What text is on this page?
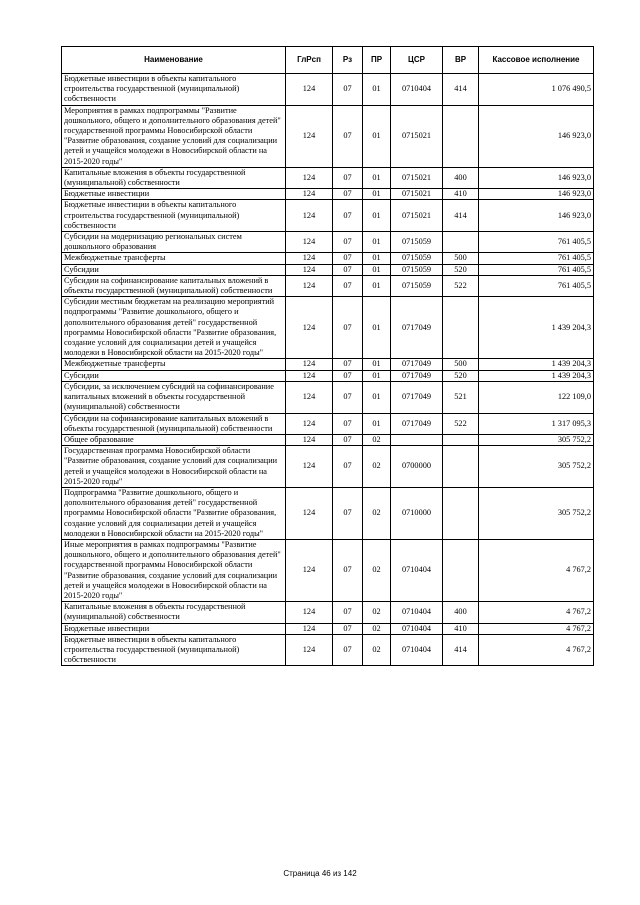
Наименование	ГлРсп	Рз	ПР	ЦСР	ВР	Кассовое исполнение
Бюджетные инвестиции в объекты капитального строительства государственной (муниципальной) собственности	124	07	01	0710404	414	1 076 490,5
Мероприятия в рамках подпрограммы "Развитие дошкольного, общего и дополнительного образования детей" государственной программы Новосибирской области "Развитие образования, создание условий для социализации детей и учащейся молодежи в Новосибирской области на 2015-2020 годы"	124	07	01	0715021		146 923,0
Капитальные вложения в объекты государственной (муниципальной) собственности	124	07	01	0715021	400	146 923,0
Бюджетные инвестиции	124	07	01	0715021	410	146 923,0
Бюджетные инвестиции в объекты капитального строительства государственной (муниципальной) собственности	124	07	01	0715021	414	146 923,0
Субсидии на модернизацию региональных систем дошкольного образования	124	07	01	0715059		761 405,5
Межбюджетные трансферты	124	07	01	0715059	500	761 405,5
Субсидии	124	07	01	0715059	520	761 405,5
Субсидии на софинансирование капитальных вложений в объекты государственной (муниципальной) собственности	124	07	01	0715059	522	761 405,5
Субсидии местным бюджетам на реализацию мероприятий подпрограммы "Развитие дошкольного, общего и дополнительного образования детей" государственной программы Новосибирской области "Развитие образования, создание условий для социализации детей и учащейся молодежи в Новосибирской области на 2015-2020 годы"	124	07	01	0717049		1 439 204,3
Межбюджетные трансферты	124	07	01	0717049	500	1 439 204,3
Субсидии	124	07	01	0717049	520	1 439 204,3
Субсидии, за исключением субсидий на софинансирование капитальных вложений в объекты государственной (муниципальной) собственности	124	07	01	0717049	521	122 109,0
Субсидии на софинансирование капитальных вложений в объекты государственной (муниципальной) собственности	124	07	01	0717049	522	1 317 095,3
Общее образование	124	07	02			305 752,2
Государственная программа Новосибирской области "Развитие образования, создание условий для социализации детей и учащейся молодежи в Новосибирской области на 2015-2020 годы"	124	07	02	0700000		305 752,2
Подпрограмма "Развитие дошкольного, общего и дополнительного образования детей" государственной программы Новосибирской области "Развитие образования, создание условий для социализации детей и учащейся молодежи в Новосибирской области на 2015-2020 годы"	124	07	02	0710000		305 752,2
Иные мероприятия в рамках подпрограммы "Развитие дошкольного, общего и дополнительного образования детей" государственной программы Новосибирской области "Развитие образования, создание условий для социализации детей и учащейся молодежи в Новосибирской области на 2015-2020 годы"	124	07	02	0710404		4 767,2
Капитальные вложения в объекты государственной (муниципальной) собственности	124	07	02	0710404	400	4 767,2
Бюджетные инвестиции	124	07	02	0710404	410	4 767,2
Бюджетные инвестиции в объекты капитального строительства государственной (муниципальной) собственности	124	07	02	0710404	414	4 767,2
Страница 46 из 142
